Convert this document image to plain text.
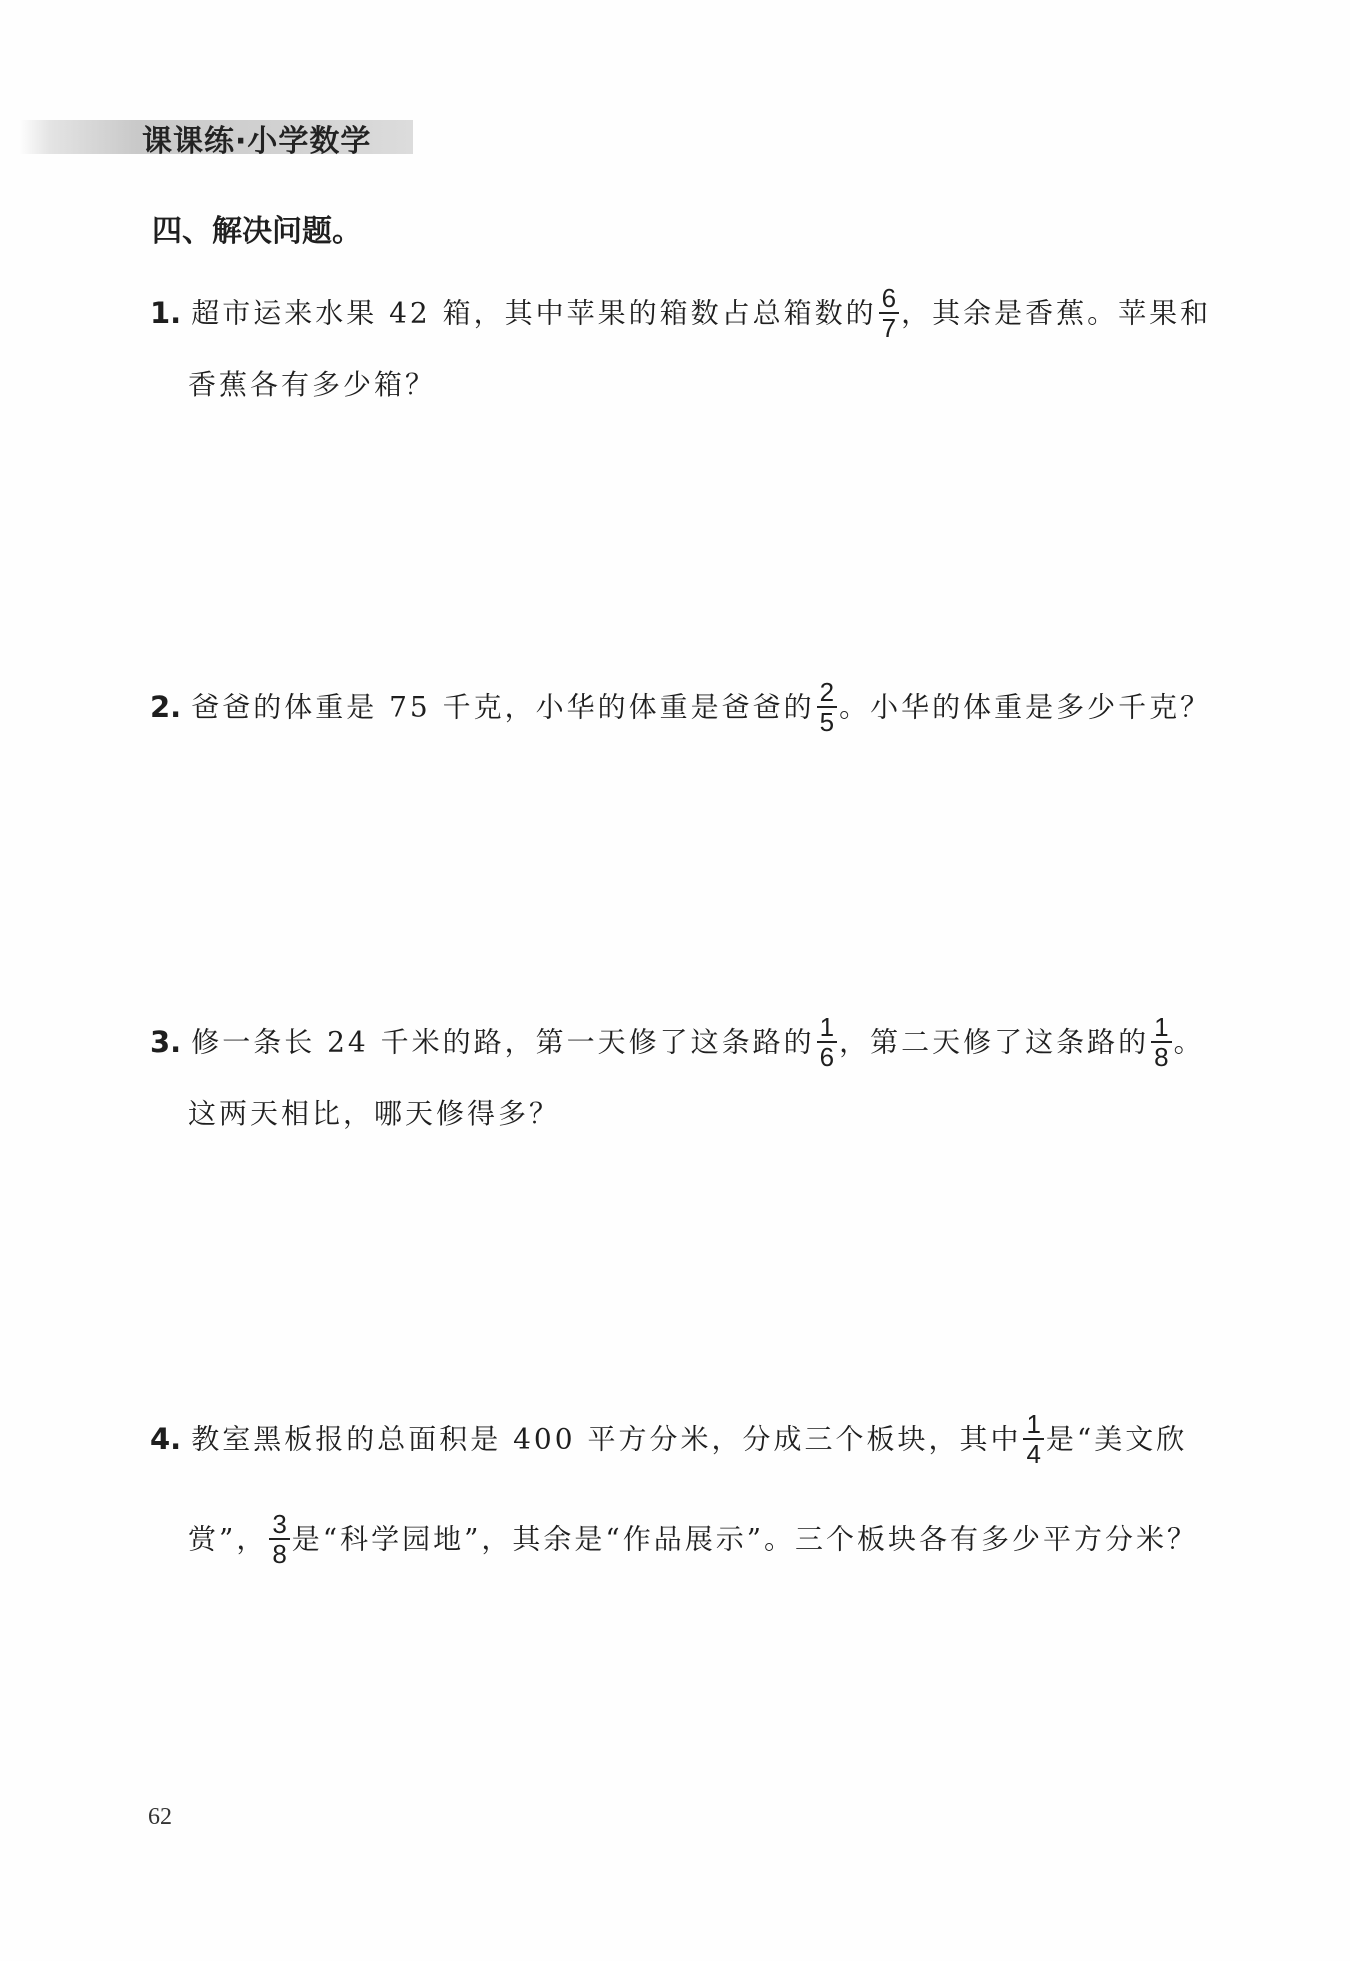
课课练·小学数学
四、解决问题。
1. 超市运来水果 42 箱，其中苹果的箱数占总箱数的 $\frac{6}{7}$ ，其余是香蕉。苹果和
香蕉各有多少箱？
2. 爸爸的体重是 75 千克，小华的体重是爸爸的 $\frac{2}{5}$ 。小华的体重是多少千克？
3. 修一条长 24 千米的路，第一天修了这条路的 $\frac{1}{6}$ ，第二天修了这条路的 $\frac{1}{8}$ 。
这两天相比，哪天修得多？
4. 教室黑板报的总面积是 400 平方分米，分成三个板块，其中 $\frac{1}{4}$ 是“美文欣
赏”， $\frac{3}{8}$ 是“科学园地”，其余是“作品展示”。三个板块各有多少平方分米？
62
